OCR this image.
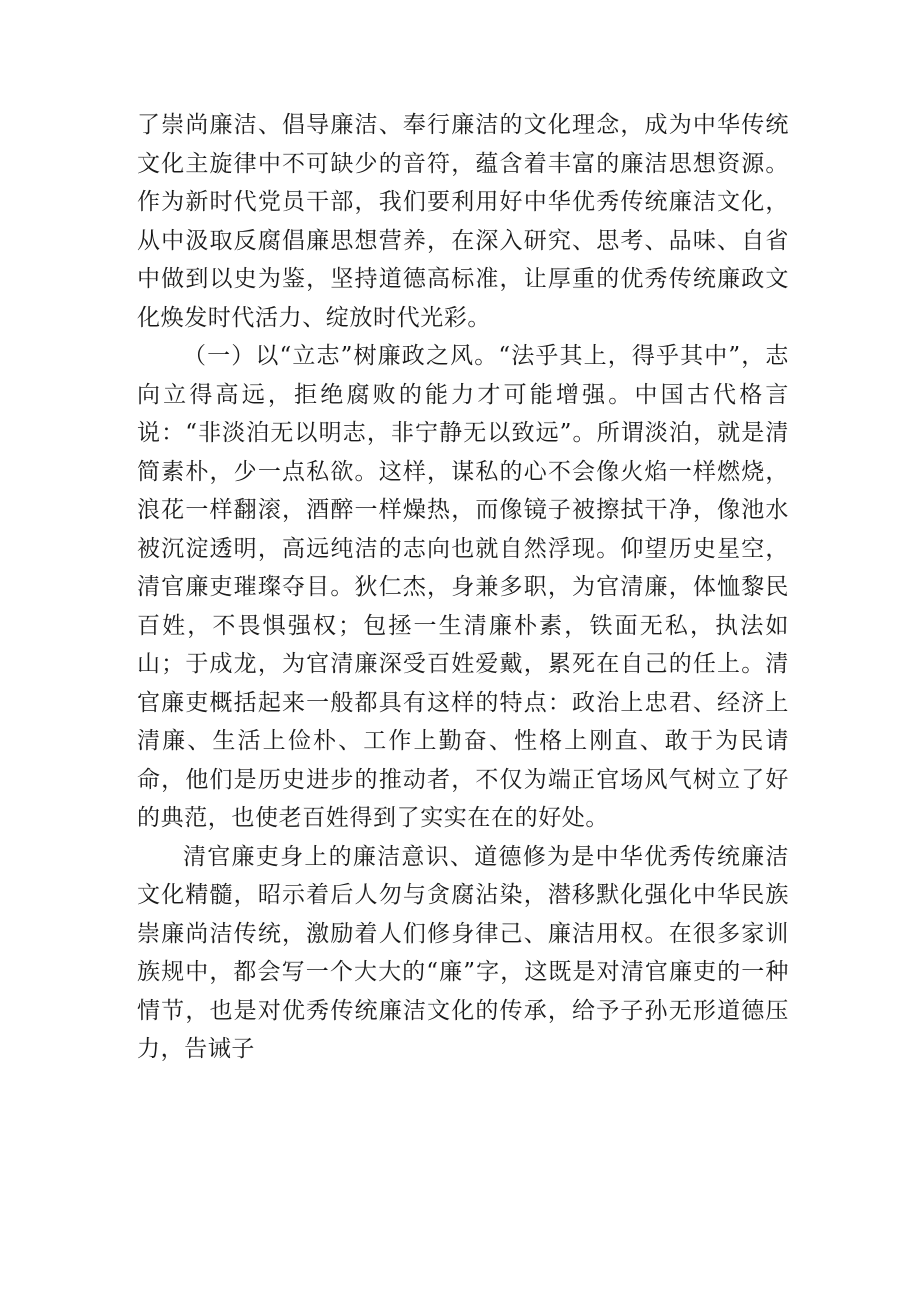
了崇尚廉洁、倡导廉洁、奉行廉洁的文化理念，成为中华传统文化主旋律中不可缺少的音符，蕴含着丰富的廉洁思想资源。作为新时代党员干部，我们要利用好中华优秀传统廉洁文化，从中汲取反腐倡廉思想营养，在深入研究、思考、品味、自省中做到以史为鉴，坚持道德高标准，让厚重的优秀传统廉政文化焕发时代活力、绽放时代光彩。

（一）以“立志”树廉政之风。“法乎其上，得乎其中”，志向立得高远，拒绝腐败的能力才可能增强。中国古代格言说：“非淡泊无以明志，非宁静无以致远”。所谓淡泊，就是清简素朴，少一点私欲。这样，谋私的心不会像火焰一样燃烧，浪花一样翻滚，酒醉一样燥热，而像镜子被擦拭干净，像池水被沉淀透明，高远纯洁的志向也就自然浮现。仰望历史星空，清官廉吏璀璨夺目。狄仁杰，身兼多职，为官清廉，体恤黎民百姓，不畏惧强权；包拯一生清廉朴素，铁面无私，执法如山；于成龙，为官清廉深受百姓爱戴，累死在自己的任上。清官廉吏概括起来一般都具有这样的特点：政治上忠君、经济上清廉、生活上俭朴、工作上勤奋、性格上刚直、敢于为民请命，他们是历史进步的推动者，不仅为端正官场风气树立了好的典范，也使老百姓得到了实实在在的好处。

清官廉吏身上的廉洁意识、道德修为是中华优秀传统廉洁文化精髓，昭示着后人勿与贪腐沾染，潜移默化强化中华民族崇廉尚洁传统，激励着人们修身律己、廉洁用权。在很多家训族规中，都会写一个大大的“廉”字，这既是对清官廉吏的一种情节，也是对优秀传统廉洁文化的传承，给予子孙无形道德压力，告诫子
